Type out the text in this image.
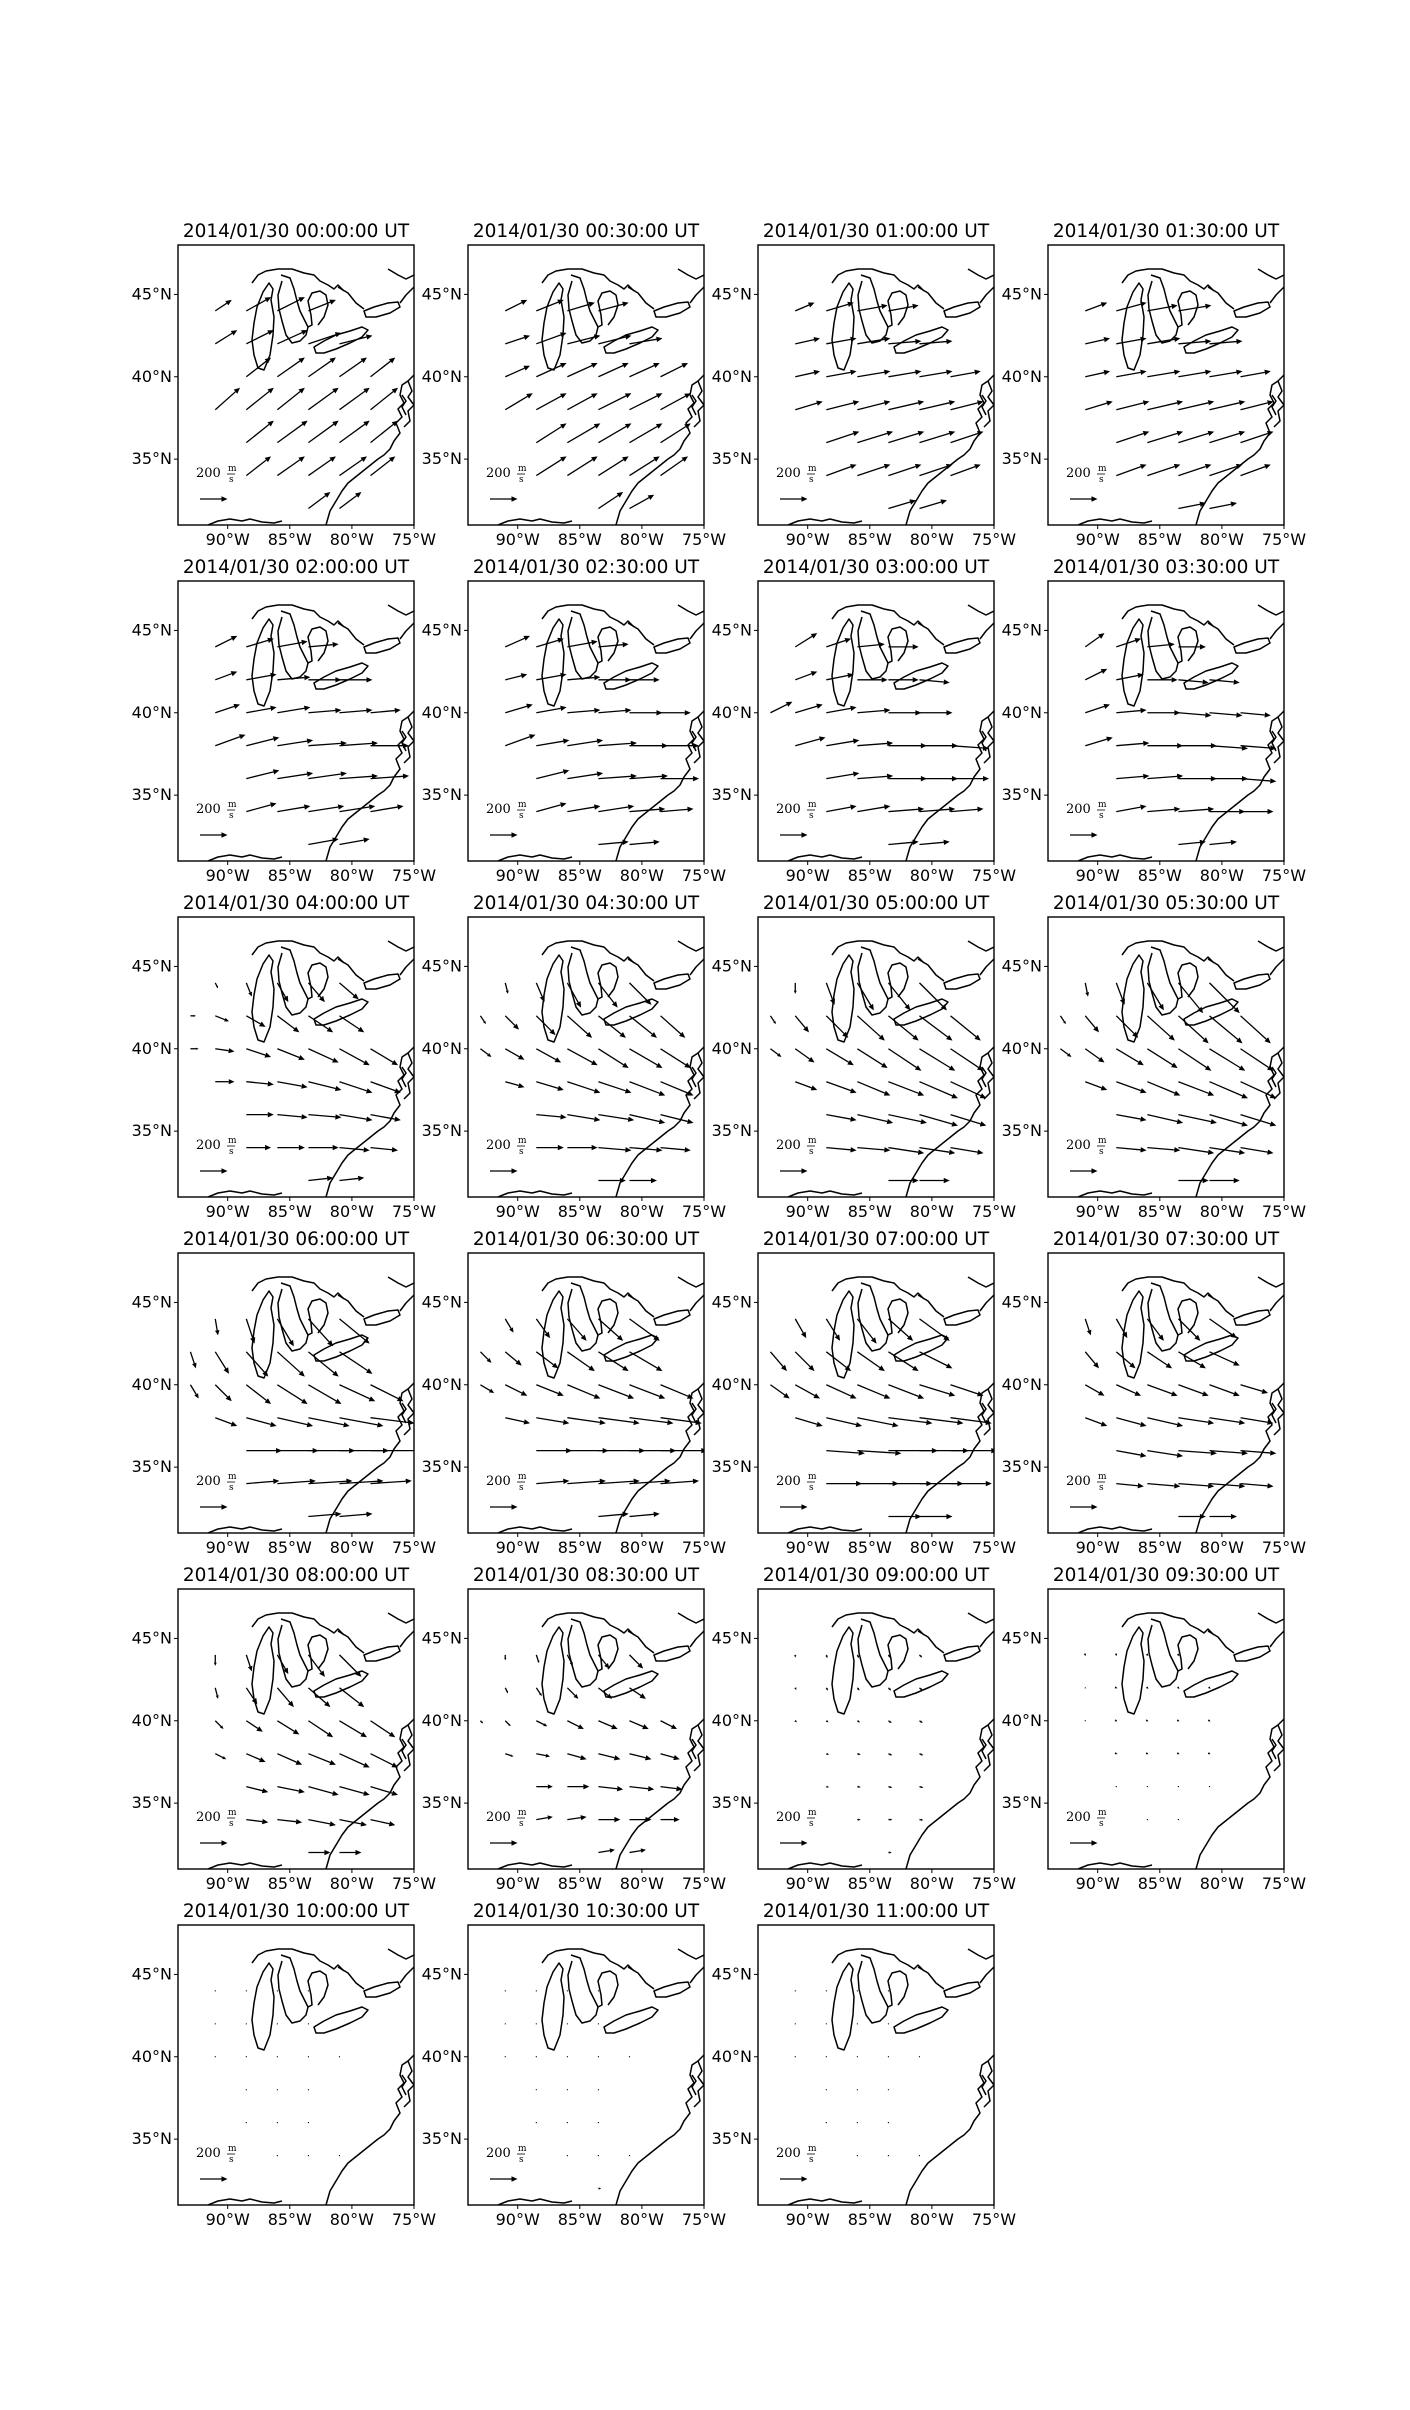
2014/01/30 00:00:00 UT
200 m
s
90°W 85°W 80°W 75°W
45°N
40°N
35°N
2014/01/30 00:30:00 UT
200 m
s
90°W 85°W 80°W 75°W
45°N
40°N
35°N
2014/01/30 01:00:00 UT
200 m
s
90°W 85°W 80°W 75°W
45°N
40°N
35°N
2014/01/30 01:30:00 UT
200 m
s
90°W 85°W 80°W 75°W
45°N
40°N
35°N
2014/01/30 02:00:00 UT
200 m
s
90°W 85°W 80°W 75°W
45°N
40°N
35°N
2014/01/30 02:30:00 UT
200 m
s
90°W 85°W 80°W 75°W
45°N
40°N
35°N
2014/01/30 03:00:00 UT
200 m
s
90°W 85°W 80°W 75°W
45°N
40°N
35°N
2014/01/30 03:30:00 UT
200 m
s
90°W 85°W 80°W 75°W
45°N
40°N
35°N
2014/01/30 04:00:00 UT
200 m
s
90°W 85°W 80°W 75°W
45°N
40°N
35°N
2014/01/30 04:30:00 UT
200 m
s
90°W 85°W 80°W 75°W
45°N
40°N
35°N
2014/01/30 05:00:00 UT
200 m
s
90°W 85°W 80°W 75°W
45°N
40°N
35°N
2014/01/30 05:30:00 UT
200 m
s
90°W 85°W 80°W 75°W
45°N
40°N
35°N
2014/01/30 06:00:00 UT
200 m
s
90°W 85°W 80°W 75°W
45°N
40°N
35°N
2014/01/30 06:30:00 UT
200 m
s
90°W 85°W 80°W 75°W
45°N
40°N
35°N
2014/01/30 07:00:00 UT
200 m
s
90°W 85°W 80°W 75°W
45°N
40°N
35°N
2014/01/30 07:30:00 UT
200 m
s
90°W 85°W 80°W 75°W
45°N
40°N
35°N
2014/01/30 08:00:00 UT
200 m
s
90°W 85°W 80°W 75°W
45°N
40°N
35°N
2014/01/30 08:30:00 UT
200 m
s
90°W 85°W 80°W 75°W
45°N
40°N
35°N
2014/01/30 09:00:00 UT
200 m
s
90°W 85°W 80°W 75°W
45°N
40°N
35°N
2014/01/30 09:30:00 UT
200 m
s
90°W 85°W 80°W 75°W
45°N
40°N
35°N
2014/01/30 10:00:00 UT
200 m
s
90°W 85°W 80°W 75°W
45°N
40°N
35°N
2014/01/30 10:30:00 UT
200 m
s
90°W 85°W 80°W 75°W
45°N
40°N
35°N
2014/01/30 11:00:00 UT
200 m
s
90°W 85°W 80°W 75°W
45°N
40°N
35°N
